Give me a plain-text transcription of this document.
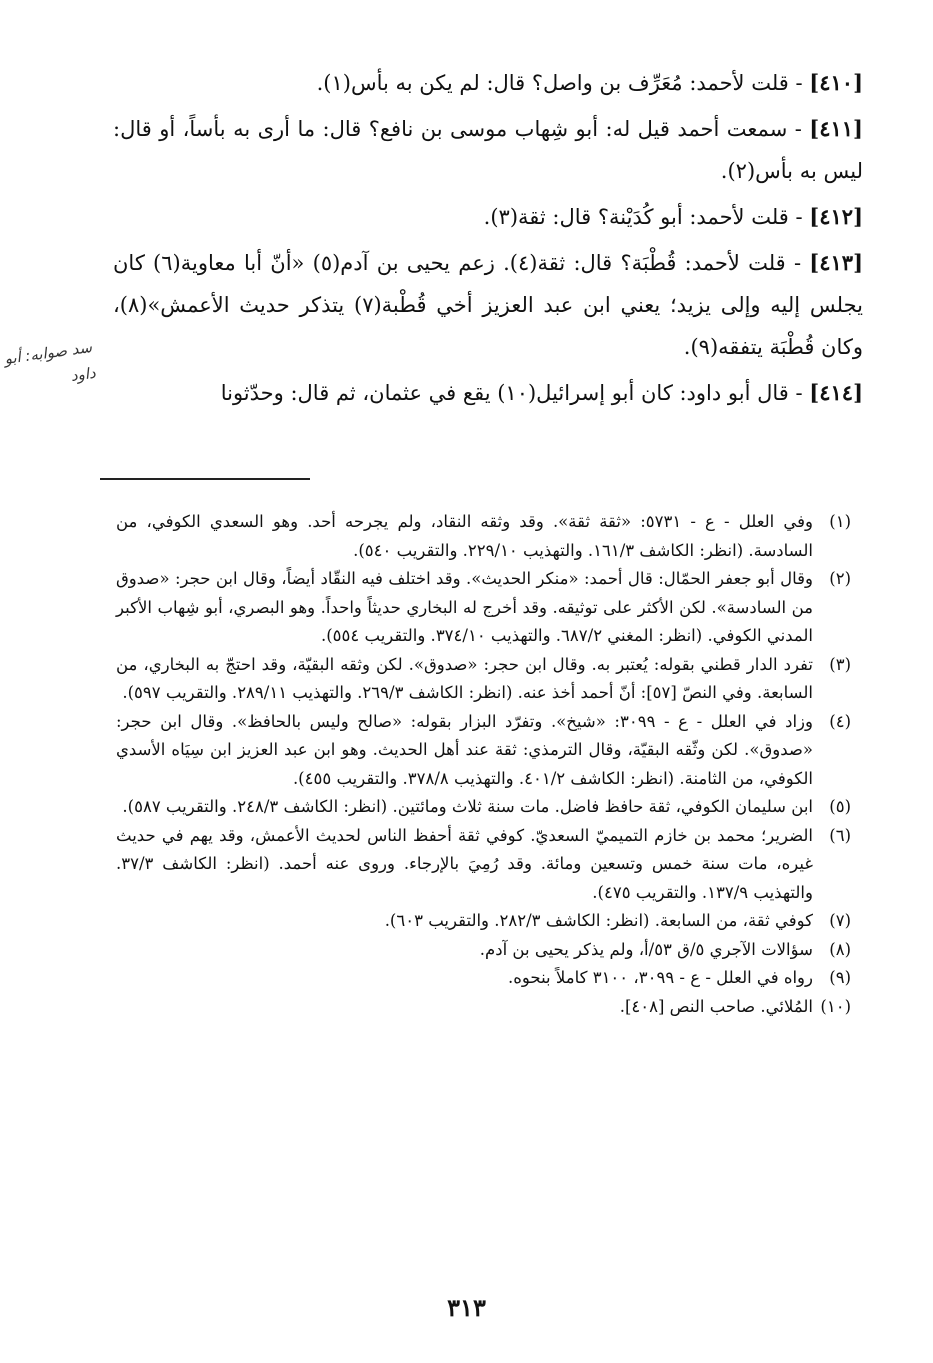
[٤١٠] - قلت لأحمد: مُعَرِّف بن واصل؟ قال: لم يكن به بأس(١).

[٤١١] - سمعت أحمد قيل له: أبو شِهاب موسى بن نافع؟ قال: ما أرى به بأساً، أو قال: ليس به بأس(٢).

[٤١٢] - قلت لأحمد: أبو كُدَيْنة؟ قال: ثقة(٣).

[٤١٣] - قلت لأحمد: قُطْبَة؟ قال: ثقة(٤). زعم يحيى بن آدم(٥) «أنّ أبا معاوية(٦) كان يجلس إليه وإلى يزيد؛ يعني ابن عبد العزيز أخي قُطْبة(٧) يتذكر حديث الأعمش»(٨)، وكان قُطْبَة يتفقه(٩).

[٤١٤] - قال أبو داود: كان أبو إسرائيل(١٠) يقع في عثمان، ثم قال: وحدّثونا

سد صوابه: أبو داود
(١)
وفي العلل - ع - ٥٧٣١: «ثقة ثقة». وقد وثقه النقاد، ولم يجرحه أحد. وهو السعدي الكوفي، من السادسة. (انظر: الكاشف ١٦١/٣. والتهذيب ٢٢٩/١٠. والتقريب ٥٤٠).
(٢)
وقال أبو جعفر الحمّال: قال أحمد: «منكر الحديث». وقد اختلف فيه النقّاد أيضاً، وقال ابن حجر: «صدوق من السادسة». لكن الأكثر على توثيقه. وقد أخرج له البخاري حديثاً واحداً. وهو البصري، أبو شِهاب الأكبر المدني الكوفي. (انظر: المغني ٦٨٧/٢. والتهذيب ٣٧٤/١٠. والتقريب ٥٥٤).
(٣)
تفرد الدار قطني بقوله: يُعتبر به. وقال ابن حجر: «صدوق». لكن وثقه البقيّة، وقد احتجّ به البخاري، من السابعة. وفي النصّ [٥٧]: أنّ أحمد أخذ عنه. (انظر: الكاشف ٢٦٩/٣. والتهذيب ٢٨٩/١١. والتقريب ٥٩٧).
(٤)
وزاد في العلل - ع - ٣٠٩٩: «شيخ». وتفرّد البزار بقوله: «صالح وليس بالحافظ». وقال ابن حجر: «صدوق». لكن وثّقه البقيّة، وقال الترمذي: ثقة عند أهل الحديث. وهو ابن عبد العزيز ابن سِيَاه الأسدي الكوفي، من الثامنة. (انظر: الكاشف ٤٠١/٢. والتهذيب ٣٧٨/٨. والتقريب ٤٥٥).
(٥)
ابن سليمان الكوفي، ثقة حافظ فاضل. مات سنة ثلاث ومائتين. (انظر: الكاشف ٢٤٨/٣. والتقريب ٥٨٧).
(٦)
الضرير؛ محمد بن خازم التميميّ السعديّ. كوفي ثقة أحفظ الناس لحديث الأعمش، وقد يهم في حديث غيره، مات سنة خمس وتسعين ومائة. وقد رُمِيَ بالإرجاء. وروى عنه أحمد. (انظر: الكاشف ٣٧/٣. والتهذيب ١٣٧/٩. والتقريب ٤٧٥).
(٧)
كوفي ثقة، من السابعة. (انظر: الكاشف ٢٨٢/٣. والتقريب ٦٠٣).
(٨)
سؤالات الآجري ٥/ق ٥٣/أ، ولم يذكر يحيى بن آدم.
(٩)
رواه في العلل - ع - ٣٠٩٩، ٣١٠٠ كاملاً بنحوه.
(١٠)
المُلائي. صاحب النص [٤٠٨].
٣١٣
